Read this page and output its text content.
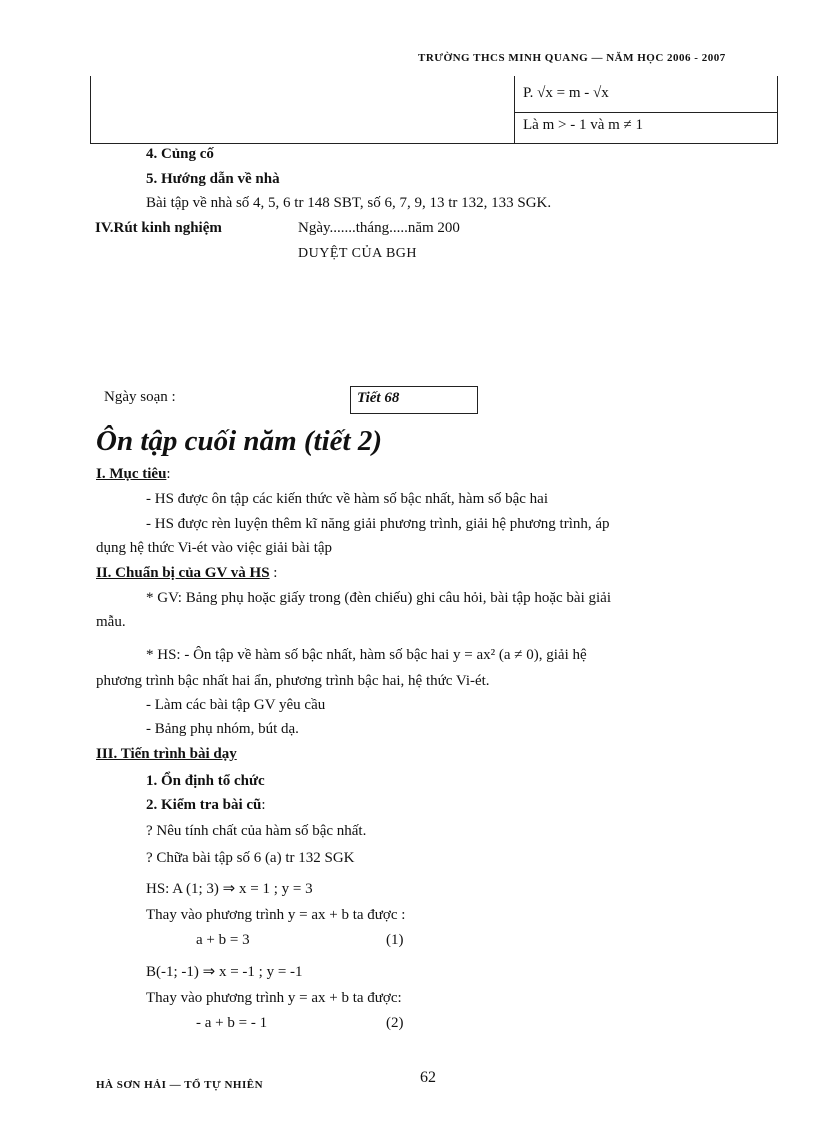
TRƯỜNG THCS MINH QUANG — NĂM HỌC 2006 - 2007
P. √x = m - √x
Là m > - 1 và m ≠ 1
4. Củng cố
5. Hướng dẫn về nhà
Bài tập về nhà số 4, 5, 6 tr 148 SBT, số 6, 7, 9, 13 tr 132, 133 SGK.
IV.Rút kinh nghiệm	Ngày.......tháng.....năm 200
DUYỆT CỦA BGH
Ngày soạn :	Tiết 68
Ôn tập cuối năm (tiết 2)
I. Mục tiêu:
- HS được ôn tập các kiến thức về hàm số bậc nhất, hàm số bậc hai
- HS được rèn luyện thêm kĩ năng giải phương trình, giải hệ phương trình, áp
dụng hệ thức Vi-ét vào việc giải bài tập
II. Chuẩn bị của GV và HS :
* GV: Bảng phụ hoặc giấy trong (đèn chiếu) ghi câu hỏi, bài tập hoặc bài giải
mẫu.
* HS: - Ôn tập về hàm số bậc nhất, hàm số bậc hai y = ax² (a ≠ 0), giải hệ
phương trình bậc nhất hai ẩn, phương trình bậc hai, hệ thức Vi-ét.
- Làm các bài tập GV yêu cầu
- Bảng phụ nhóm, bút dạ.
III. Tiến trình bài dạy
1. Ổn định tổ chức
2. Kiểm tra bài cũ:
? Nêu tính chất của hàm số bậc nhất.
? Chữa bài tập số 6 (a) tr 132 SGK
HS: A (1; 3) ⇒ x = 1 ; y = 3
Thay vào phương trình y = ax + b ta được :
a + b = 3	(1)
B(-1; -1) ⇒ x = -1 ; y = -1
Thay vào phương trình y = ax + b ta được:
- a + b = - 1	(2)
HÀ SƠN HẢI — TỔ TỰ NHIÊN	62
